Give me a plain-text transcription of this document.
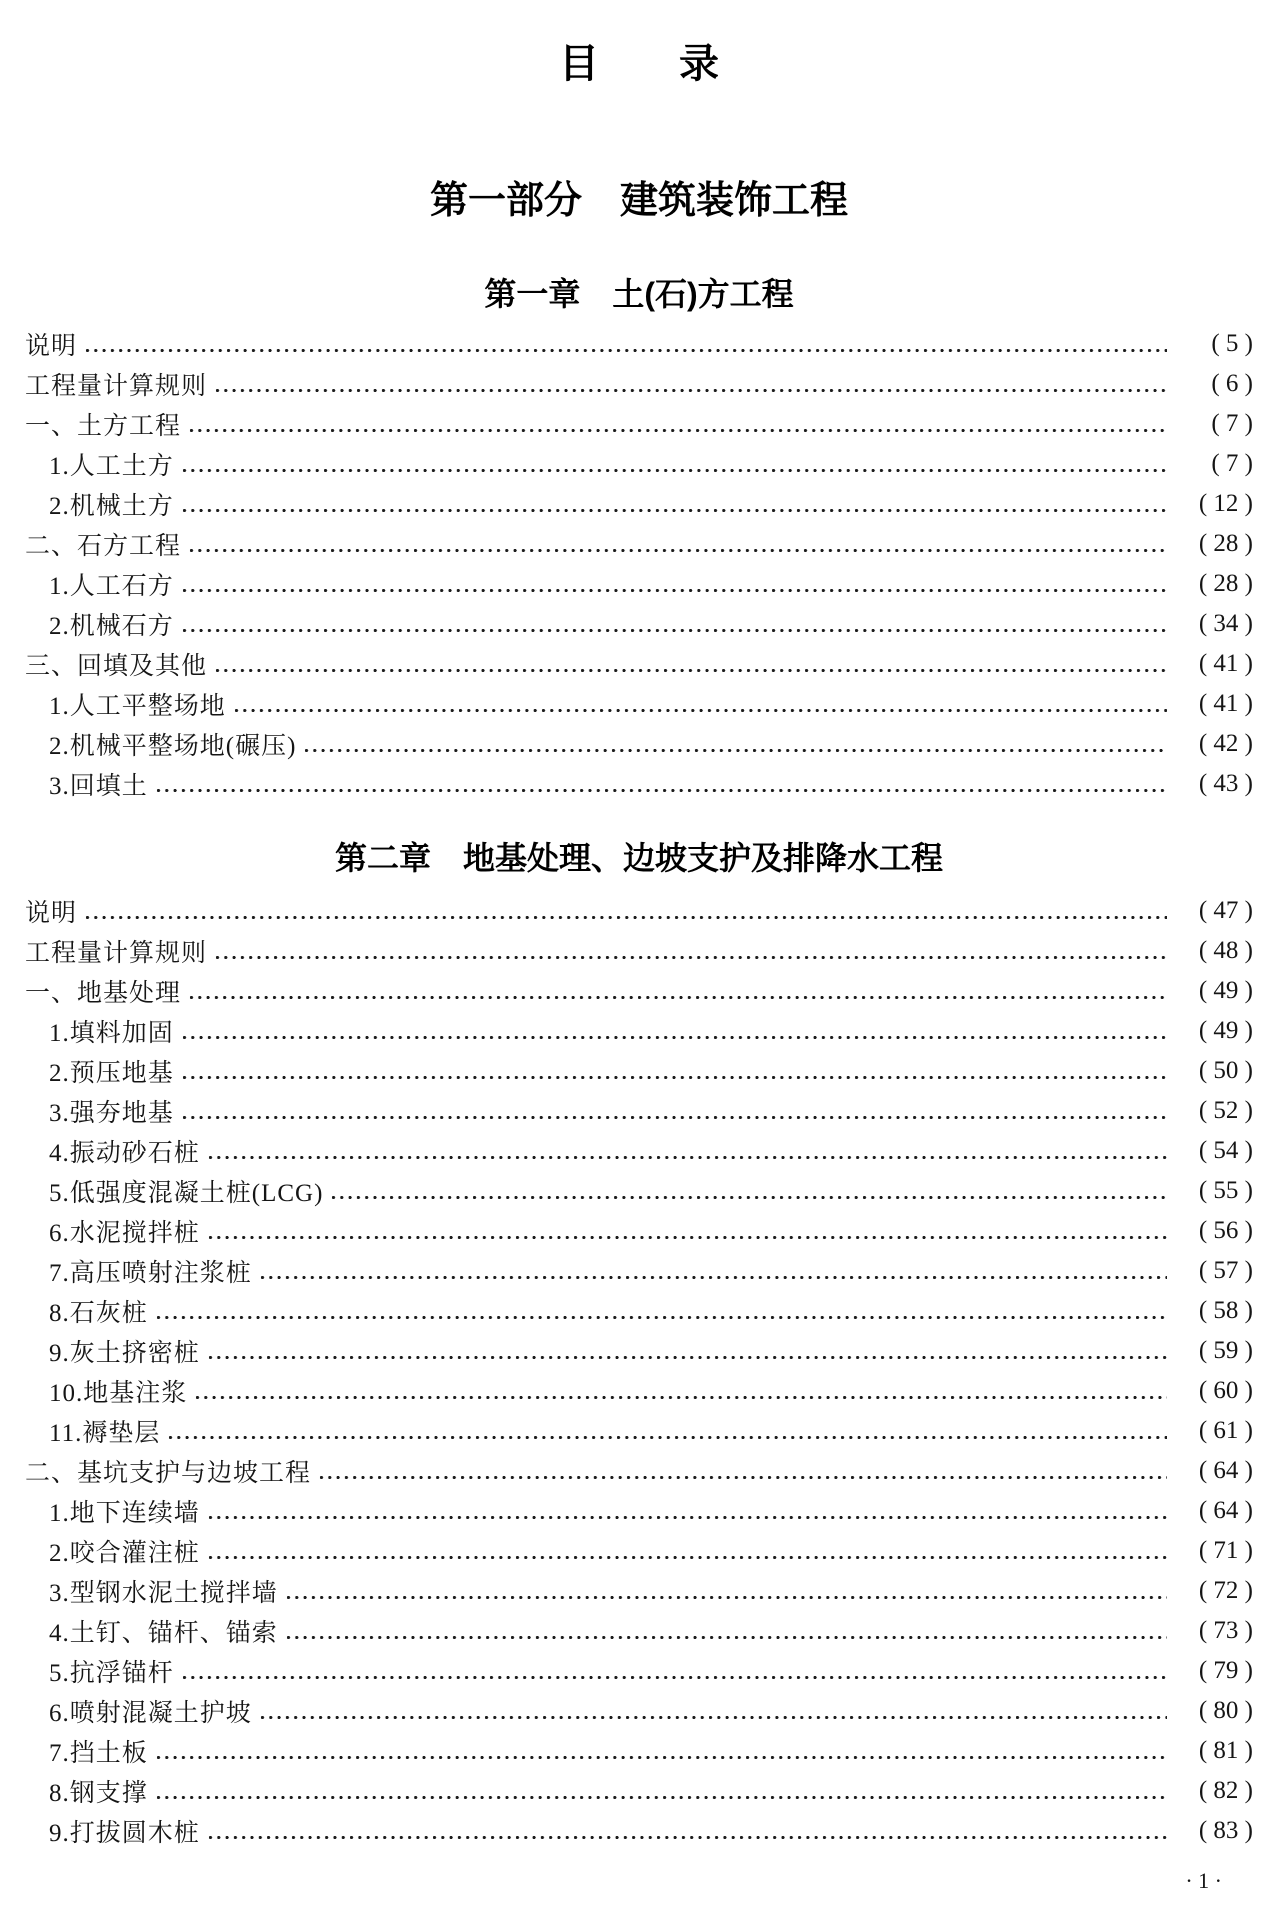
目　　录
第一部分　建筑装饰工程
第一章　土(石)方工程
说明	( 5 )
工程量计算规则	( 6 )
一、土方工程	( 7 )
1.人工土方	( 7 )
2.机械土方	( 12 )
二、石方工程	( 28 )
1.人工石方	( 28 )
2.机械石方	( 34 )
三、回填及其他	( 41 )
1.人工平整场地	( 41 )
2.机械平整场地(碾压)	( 42 )
3.回填土	( 43 )
第二章　地基处理、边坡支护及排降水工程
说明	( 47 )
工程量计算规则	( 48 )
一、地基处理	( 49 )
1.填料加固	( 49 )
2.预压地基	( 50 )
3.强夯地基	( 52 )
4.振动砂石桩	( 54 )
5.低强度混凝土桩(LCG)	( 55 )
6.水泥搅拌桩	( 56 )
7.高压喷射注浆桩	( 57 )
8.石灰桩	( 58 )
9.灰土挤密桩	( 59 )
10.地基注浆	( 60 )
11.褥垫层	( 61 )
二、基坑支护与边坡工程	( 64 )
1.地下连续墙	( 64 )
2.咬合灌注桩	( 71 )
3.型钢水泥土搅拌墙	( 72 )
4.土钉、锚杆、锚索	( 73 )
5.抗浮锚杆	( 79 )
6.喷射混凝土护坡	( 80 )
7.挡土板	( 81 )
8.钢支撑	( 82 )
9.打拔圆木桩	( 83 )
· 1 ·
